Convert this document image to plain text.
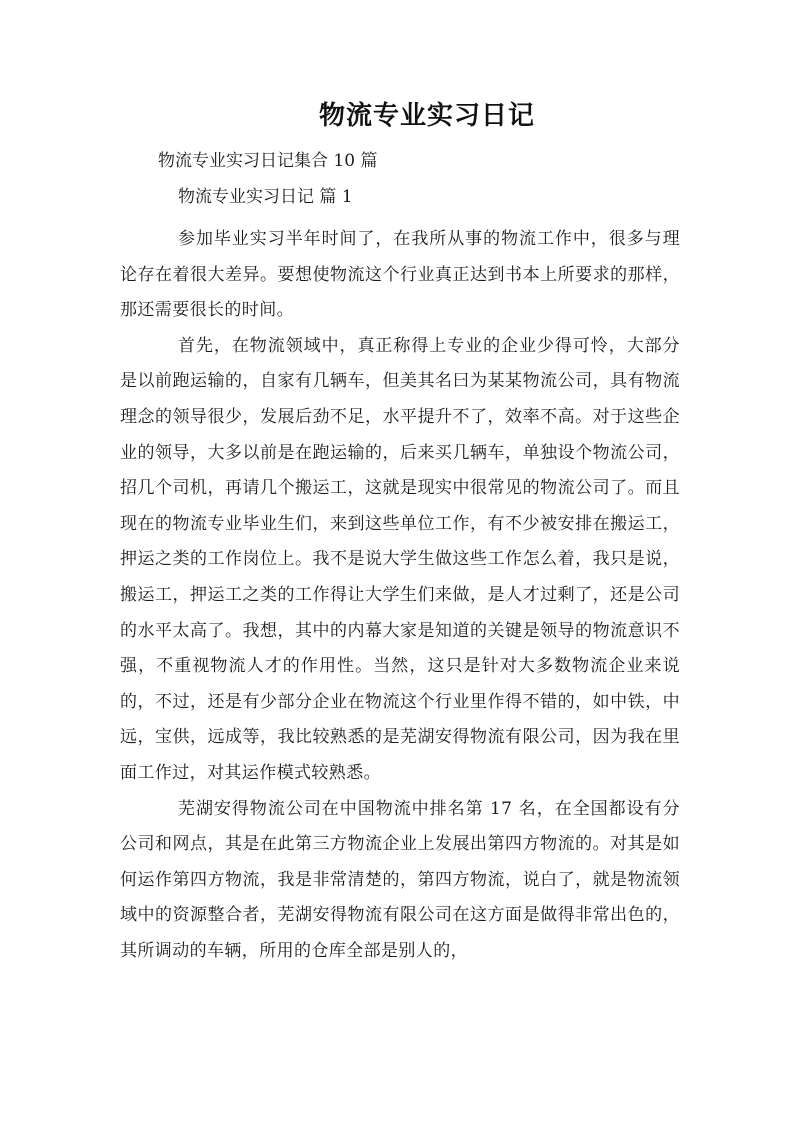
物流专业实习日记
物流专业实习日记集合 10 篇
物流专业实习日记 篇 1

参加毕业实习半年时间了，在我所从事的物流工作中，很多与理论存在着很大差异。要想使物流这个行业真正达到书本上所要求的那样，那还需要很长的时间。

首先，在物流领域中，真正称得上专业的企业少得可怜，大部分是以前跑运输的，自家有几辆车，但美其名曰为某某物流公司，具有物流理念的领导很少，发展后劲不足，水平提升不了，效率不高。对于这些企业的领导，大多以前是在跑运输的，后来买几辆车，单独设个物流公司，招几个司机，再请几个搬运工，这就是现实中很常见的物流公司了。而且现在的物流专业毕业生们，来到这些单位工作，有不少被安排在搬运工，押运之类的工作岗位上。我不是说大学生做这些工作怎么着，我只是说，搬运工，押运工之类的工作得让大学生们来做，是人才过剩了，还是公司的水平太高了。我想，其中的内幕大家是知道的关键是领导的物流意识不强，不重视物流人才的作用性。当然，这只是针对大多数物流企业来说的，不过，还是有少部分企业在物流这个行业里作得不错的，如中铁，中远，宝供，远成等，我比较熟悉的是芜湖安得物流有限公司，因为我在里面工作过，对其运作模式较熟悉。

芜湖安得物流公司在中国物流中排名第 17 名，在全国都设有分公司和网点，其是在此第三方物流企业上发展出第四方物流的。对其是如何运作第四方物流，我是非常清楚的，第四方物流，说白了，就是物流领域中的资源整合者，芜湖安得物流有限公司在这方面是做得非常出色的，其所调动的车辆，所用的仓库全部是别人的，
